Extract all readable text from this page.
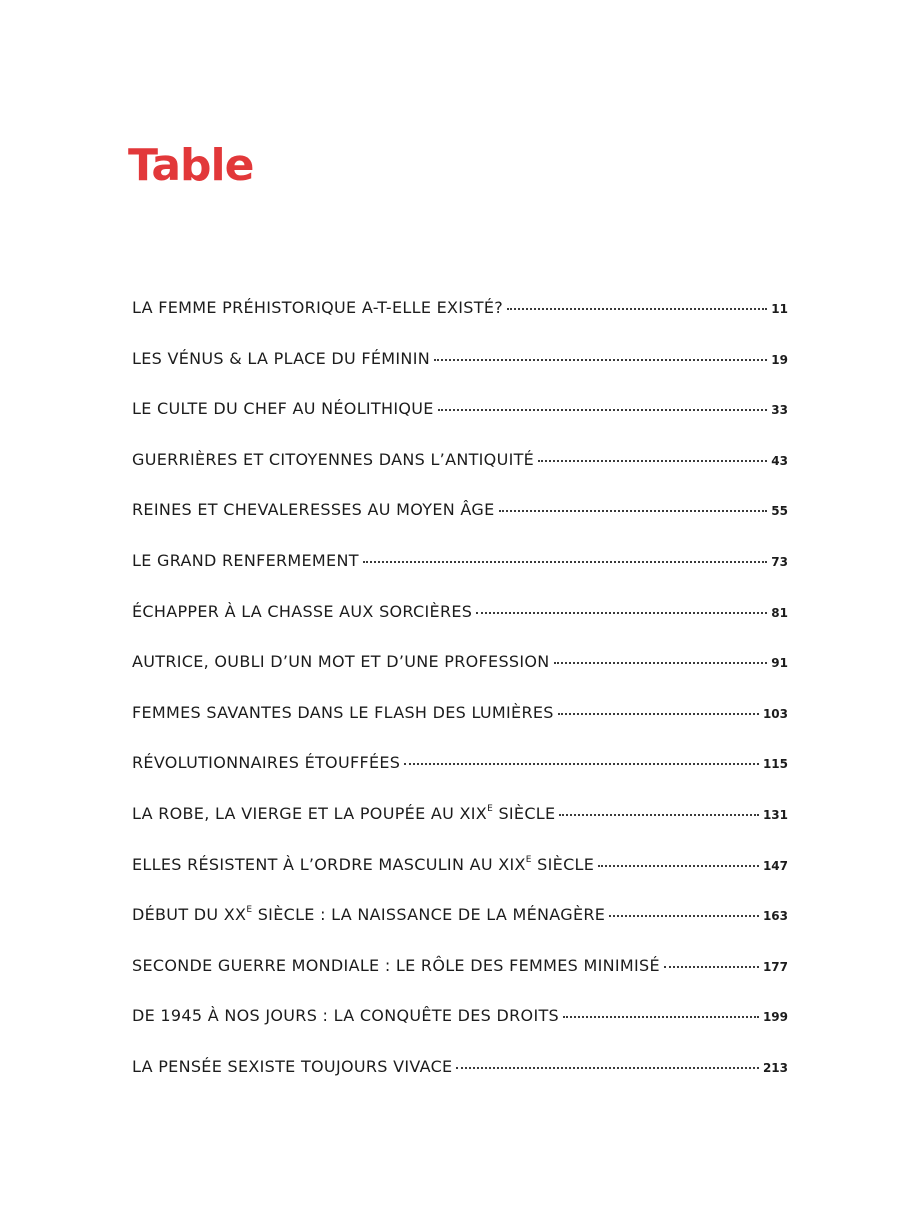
Table
LA FEMME PRÉHISTORIQUE A-T-ELLE EXISTÉ?	11
LES VÉNUS & LA PLACE DU FÉMININ	19
LE CULTE DU CHEF AU NÉOLITHIQUE	33
GUERRIÈRES ET CITOYENNES DANS L’ANTIQUITÉ	43
REINES ET CHEVALERESSES AU MOYEN ÂGE	55
LE GRAND RENFERMEMENT	73
ÉCHAPPER À LA CHASSE AUX SORCIÈRES	81
AUTRICE, OUBLI D’UN MOT ET D’UNE PROFESSION	91
FEMMES SAVANTES DANS LE FLASH DES LUMIÈRES	103
RÉVOLUTIONNAIRES ÉTOUFFÉES	115
LA ROBE, LA VIERGE ET LA POUPÉE AU $XIX^E$ SIÈCLE	131
ELLES RÉSISTENT À L’ORDRE MASCULIN AU $XIX^E$ SIÈCLE	147
DÉBUT DU $XX^E$ SIÈCLE : LA NAISSANCE DE LA MÉNAGÈRE	163
SECONDE GUERRE MONDIALE : LE RÔLE DES FEMMES MINIMISÉ	177
DE 1945 À NOS JOURS : LA CONQUÊTE DES DROITS	199
LA PENSÉE SEXISTE TOUJOURS VIVACE	213
